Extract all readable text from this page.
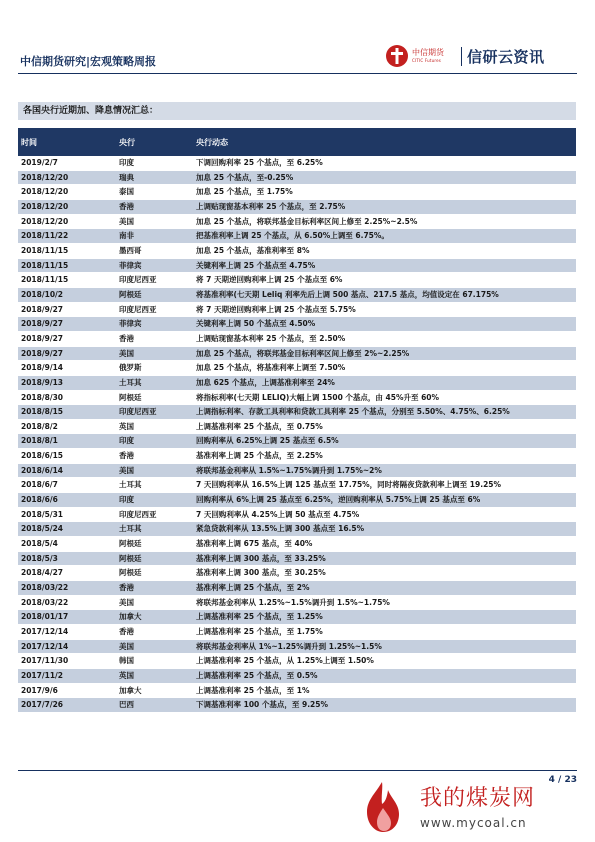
中信期货研究|宏观策略周报
中信期货
CITIC Futures 信研云资讯
各国央行近期加、降息情况汇总：
时间	央行	央行动态
2019/2/7	印度	下调回购利率 25 个基点，至 6.25%
2018/12/20	瑞典	加息 25 个基点，至-0.25%
2018/12/20	泰国	加息 25 个基点，至 1.75%
2018/12/20	香港	上调贴现窗基本利率 25 个基点，至 2.75%
2018/12/20	美国	加息 25 个基点，将联邦基金目标利率区间上修至 2.25%~2.5%
2018/11/22	南非	把基准利率上调 25 个基点，从 6.50%上调至 6.75%。
2018/11/15	墨西哥	加息 25 个基点，基准利率至 8%
2018/11/15	菲律宾	关键利率上调 25 个基点至 4.75%
2018/11/15	印度尼西亚	将 7 天期逆回购利率上调 25 个基点至 6%
2018/10/2	阿根廷	将基准利率(七天期 Leliq 利率先后上调 500 基点、217.5 基点，均值设定在 67.175%
2018/9/27	印度尼西亚	将 7 天期逆回购利率上调 25 个基点至 5.75%
2018/9/27	菲律宾	关键利率上调 50 个基点至 4.50%
2018/9/27	香港	上调贴现窗基本利率 25 个基点，至 2.50%
2018/9/27	美国	加息 25 个基点，将联邦基金目标利率区间上修至 2%~2.25%
2018/9/14	俄罗斯	加息 25 个基点，将基准利率上调至 7.50%
2018/9/13	土耳其	加息 625 个基点，上调基准利率至 24%
2018/8/30	阿根廷	将指标利率(七天期 LELIQ)大幅上调 1500 个基点，由 45%升至 60%
2018/8/15	印度尼西亚	上调指标利率、存款工具利率和贷款工具利率 25 个基点，分别至 5.50%、4.75%、6.25%
2018/8/2	英国	上调基准利率 25 个基点，至 0.75%
2018/8/1	印度	回购利率从 6.25%上调 25 基点至 6.5%
2018/6/15	香港	基准利率上调 25 个基点，至 2.25%
2018/6/14	美国	将联邦基金利率从 1.5%~1.75%调升到 1.75%~2%
2018/6/7	土耳其	7 天回购利率从 16.5%上调 125 基点至 17.75%，同时将隔夜贷款利率上调至 19.25%
2018/6/6	印度	回购利率从 6%上调 25 基点至 6.25%，逆回购利率从 5.75%上调 25 基点至 6%
2018/5/31	印度尼西亚	7 天回购利率从 4.25%上调 50 基点至 4.75%
2018/5/24	土耳其	紧急贷款利率从 13.5%上调 300 基点至 16.5%
2018/5/4	阿根廷	基准利率上调 675 基点，至 40%
2018/5/3	阿根廷	基准利率上调 300 基点，至 33.25%
2018/4/27	阿根廷	基准利率上调 300 基点，至 30.25%
2018/03/22	香港	基准利率上调 25 个基点，至 2%
2018/03/22	美国	将联邦基金利率从 1.25%~1.5%调升到 1.5%~1.75%
2018/01/17	加拿大	上调基准利率 25 个基点，至 1.25%
2017/12/14	香港	上调基准利率 25 个基点，至 1.75%
2017/12/14	美国	将联邦基金利率从 1%~1.25%调升到 1.25%~1.5%
2017/11/30	韩国	上调基准利率 25 个基点，从 1.25%上调至 1.50%
2017/11/2	英国	上调基准利率 25 个基点，至 0.5%
2017/9/6	加拿大	上调基准利率 25 个基点，至 1%
2017/7/26	巴西	下调基准利率 100 个基点，至 9.25%
4 / 23
我的煤炭网
www.mycoal.cn
